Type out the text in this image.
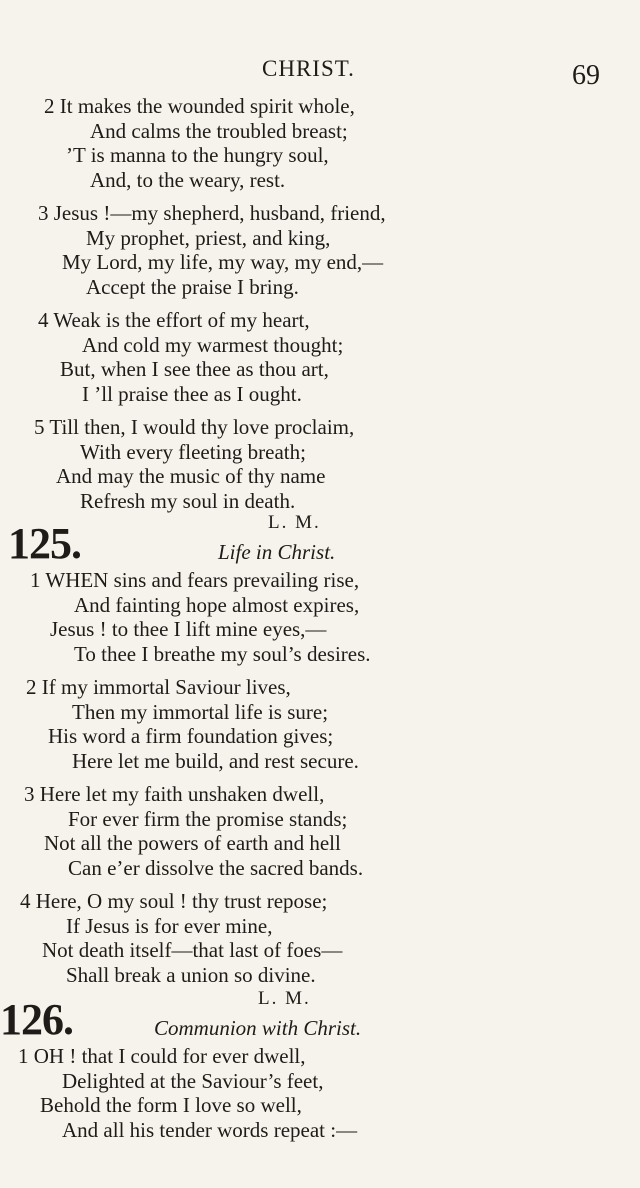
CHRIST.	69
2 It makes the wounded spirit whole,
And calms the troubled breast;
’T is manna to the hungry soul,
And, to the weary, rest.
3 Jesus !—my shepherd, husband, friend,
My prophet, priest, and king,
My Lord, my life, my way, my end,—
Accept the praise I bring.
4 Weak is the effort of my heart,
And cold my warmest thought;
But, when I see thee as thou art,
I ’ll praise thee as I ought.
5 Till then, I would thy love proclaim,
With every fleeting breath;
And may the music of thy name
Refresh my soul in death.
125.	L. M.
Life in Christ.
1 WHEN sins and fears prevailing rise,
And fainting hope almost expires,
Jesus ! to thee I lift mine eyes,—
To thee I breathe my soul’s desires.
2 If my immortal Saviour lives,
Then my immortal life is sure;
His word a firm foundation gives;
Here let me build, and rest secure.
3 Here let my faith unshaken dwell,
For ever firm the promise stands;
Not all the powers of earth and hell
Can e’er dissolve the sacred bands.
4 Here, O my soul ! thy trust repose;
If Jesus is for ever mine,
Not death itself—that last of foes—
Shall break a union so divine.
126.	L. M.
Communion with Christ.
1 OH ! that I could for ever dwell,
Delighted at the Saviour’s feet,
Behold the form I love so well,
And all his tender words repeat :—
